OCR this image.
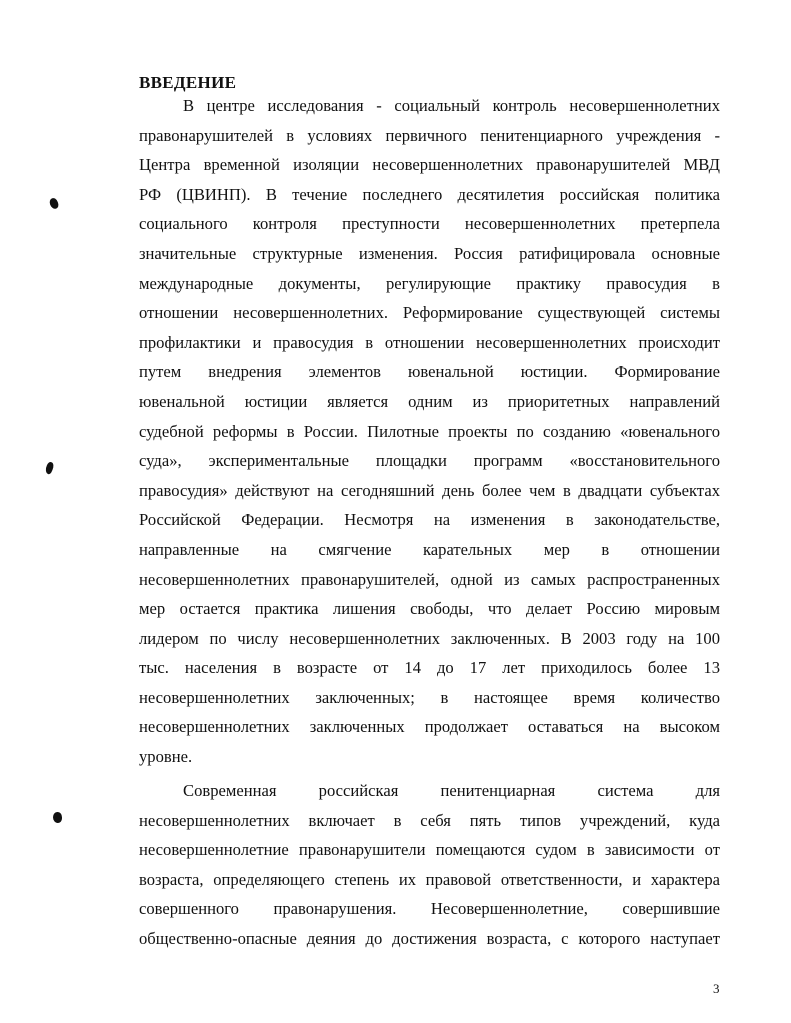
ВВЕДЕНИЕ
В центре исследования - социальный контроль несовершеннолетних
правонарушителей в условиях первичного пенитенциарного учреждения -
Центра временной изоляции несовершеннолетних правонарушителей МВД
РФ (ЦВИНП). В течение последнего десятилетия российская политика
социального контроля преступности несовершеннолетних претерпела
значительные структурные изменения. Россия ратифицировала основные
международные документы, регулирующие практику правосудия в
отношении несовершеннолетних. Реформирование существующей системы
профилактики и правосудия в отношении несовершеннолетних происходит
путем внедрения элементов ювенальной юстиции. Формирование
ювенальной юстиции является одним из приоритетных направлений
судебной реформы в России. Пилотные проекты по созданию «ювенального
суда», экспериментальные площадки программ «восстановительного
правосудия» действуют на сегодняшний день более чем в двадцати субъектах
Российской Федерации. Несмотря на изменения в законодательстве,
направленные на смягчение карательных мер в отношении
несовершеннолетних правонарушителей, одной из самых распространенных
мер остается практика лишения свободы, что делает Россию мировым
лидером по числу несовершеннолетних заключенных. В 2003 году на 100
тыс. населения в возрасте от 14 до 17 лет приходилось более 13
несовершеннолетних заключенных; в настоящее время количество
несовершеннолетних заключенных продолжает оставаться на высоком
уровне.
Современная российская пенитенциарная система для
несовершеннолетних включает в себя пять типов учреждений, куда
несовершеннолетние правонарушители помещаются судом в зависимости от
возраста, определяющего степень их правовой ответственности, и характера
совершенного правонарушения. Несовершеннолетние, совершившие
общественно-опасные деяния до достижения возраста, с которого наступает

3
